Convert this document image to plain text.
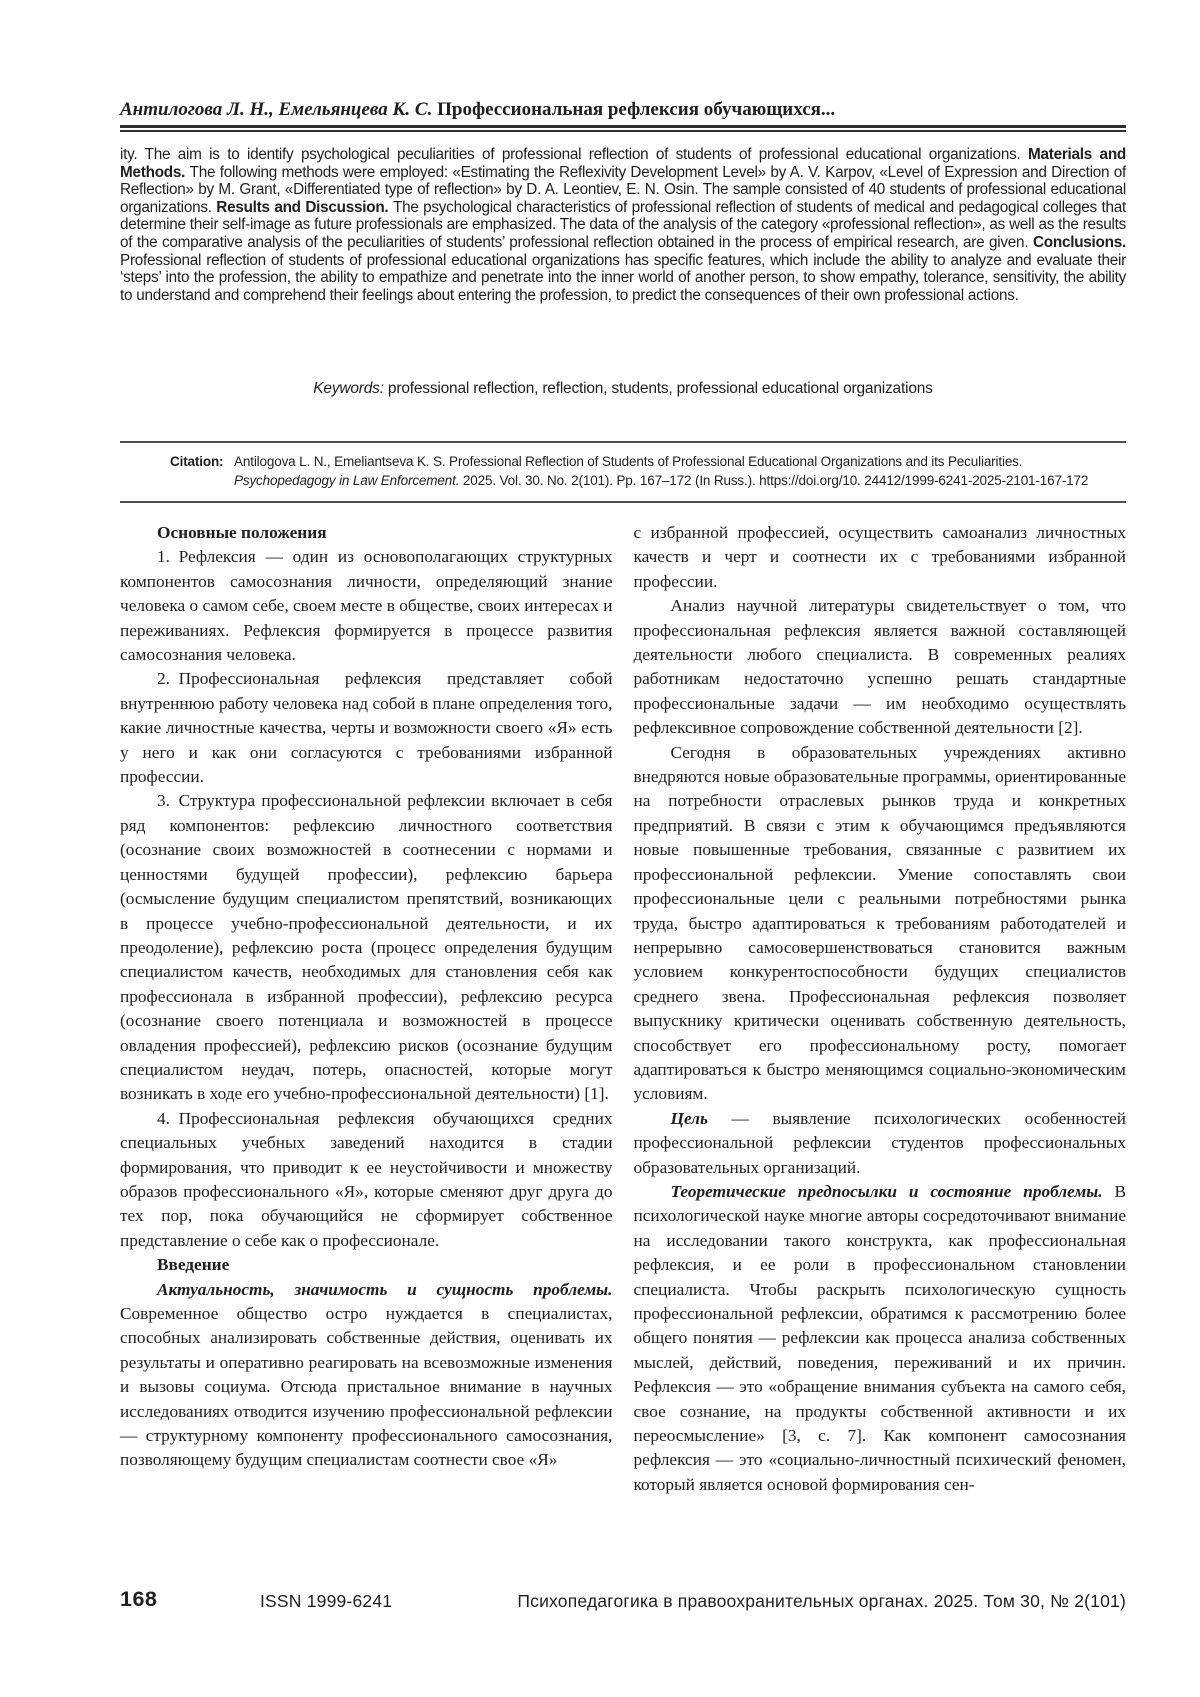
Антилогова Л. Н., Емельянцева К. С. Профессиональная рефлексия обучающихся...
ity. The aim is to identify psychological peculiarities of professional reflection of students of professional educational organizations. Materials and Methods. The following methods were employed: «Estimating the Reflexivity Development Level» by A. V. Karpov, «Level of Expression and Direction of Reflection» by M. Grant, «Differentiated type of reflection» by D. A. Leontiev, E. N. Osin. The sample consisted of 40 students of professional educational organizations. Results and Discussion. The psychological characteristics of professional reflection of students of medical and pedagogical colleges that determine their self-image as future professionals are emphasized. The data of the analysis of the category «professional reflection», as well as the results of the comparative analysis of the peculiarities of students’ professional reflection obtained in the process of empirical research, are given. Conclusions. Professional reflection of students of professional educational organizations has specific features, which include the ability to analyze and evaluate their ‘steps’ into the profession, the ability to empathize and penetrate into the inner world of another person, to show empathy, tolerance, sensitivity, the ability to understand and comprehend their feelings about entering the profession, to predict the consequences of their own professional actions.
Keywords: professional reflection, reflection, students, professional educational organizations
Citation: Antilogova L. N., Emeliantseva K. S. Professional Reflection of Students of Professional Educational Organizations and its Peculiarities. Psychopedagogy in Law Enforcement. 2025. Vol. 30. No. 2(101). Pp. 167–172 (In Russ.). https://doi.org/10. 24412/1999-6241-2025-2101-167-172

Основные положения

1. Рефлексия — один из основополагающих структурных компонентов самосознания личности, определяющий знание человека о самом себе, своем месте в обществе, своих интересах и переживаниях. Рефлексия формируется в процессе развития самосознания человека.

2. Профессиональная рефлексия представляет собой внутреннюю работу человека над собой в плане определения того, какие личностные качества, черты и возможности своего «Я» есть у него и как они согласуются с требованиями избранной профессии.

3. Структура профессиональной рефлексии включает в себя ряд компонентов: рефлексию личностного соответствия (осознание своих возможностей в соотнесении с нормами и ценностями будущей профессии), рефлексию барьера (осмысление будущим специалистом препятствий, возникающих в процессе учебно-профессиональной деятельности, и их преодоление), рефлексию роста (процесс определения будущим специалистом качеств, необходимых для становления себя как профессионала в избранной профессии), рефлексию ресурса (осознание своего потенциала и возможностей в процессе овладения профессией), рефлексию рисков (осознание будущим специалистом неудач, потерь, опасностей, которые могут возникать в ходе его учебно-профессиональной деятельности) [1].

4. Профессиональная рефлексия обучающихся средних специальных учебных заведений находится в стадии формирования, что приводит к ее неустойчивости и множеству образов профессионального «Я», которые сменяют друг друга до тех пор, пока обучающийся не сформирует собственное представление о себе как о профессионале.

Введение

Актуальность, значимость и сущность проблемы. Современное общество остро нуждается в специалистах, способных анализировать собственные действия, оценивать их результаты и оперативно реагировать на всевозможные изменения и вызовы социума. Отсюда пристальное внимание в научных исследованиях отводится изучению профессиональной рефлексии — структурному компоненту профессионального самосознания, позволяющему будущим специалистам соотнести свое «Я»

с избранной профессией, осуществить самоанализ личностных качеств и черт и соотнести их с требованиями избранной профессии.

Анализ научной литературы свидетельствует о том, что профессиональная рефлексия является важной составляющей деятельности любого специалиста. В современных реалиях работникам недостаточно успешно решать стандартные профессиональные задачи — им необходимо осуществлять рефлексивное сопровождение собственной деятельности [2].

Сегодня в образовательных учреждениях активно внедряются новые образовательные программы, ориентированные на потребности отраслевых рынков труда и конкретных предприятий. В связи с этим к обучающимся предъявляются новые повышенные требования, связанные с развитием их профессиональной рефлексии. Умение сопоставлять свои профессиональные цели с реальными потребностями рынка труда, быстро адаптироваться к требованиям работодателей и непрерывно самосовершенствоваться становится важным условием конкурентоспособности будущих специалистов среднего звена. Профессиональная рефлексия позволяет выпускнику критически оценивать собственную деятельность, способствует его профессиональному росту, помогает адаптироваться к быстро меняющимся социально-экономическим условиям.

Цель — выявление психологических особенностей профессиональной рефлексии студентов профессиональных образовательных организаций.

Теоретические предпосылки и состояние проблемы. В психологической науке многие авторы сосредоточивают внимание на исследовании такого конструкта, как профессиональная рефлексия, и ее роли в профессиональном становлении специалиста. Чтобы раскрыть психологическую сущность профессиональной рефлексии, обратимся к рассмотрению более общего понятия — рефлексии как процесса анализа собственных мыслей, действий, поведения, переживаний и их причин. Рефлексия — это «обращение внимания субъекта на самого себя, свое сознание, на продукты собственной активности и их переосмысление» [3, с. 7]. Как компонент самосознания рефлексия — это «социально-личностный психический феномен, который является основой формирования сен-

168	ISSN 1999-6241	Психопедагогика в правоохранительных органах. 2025. Том 30, № 2(101)
